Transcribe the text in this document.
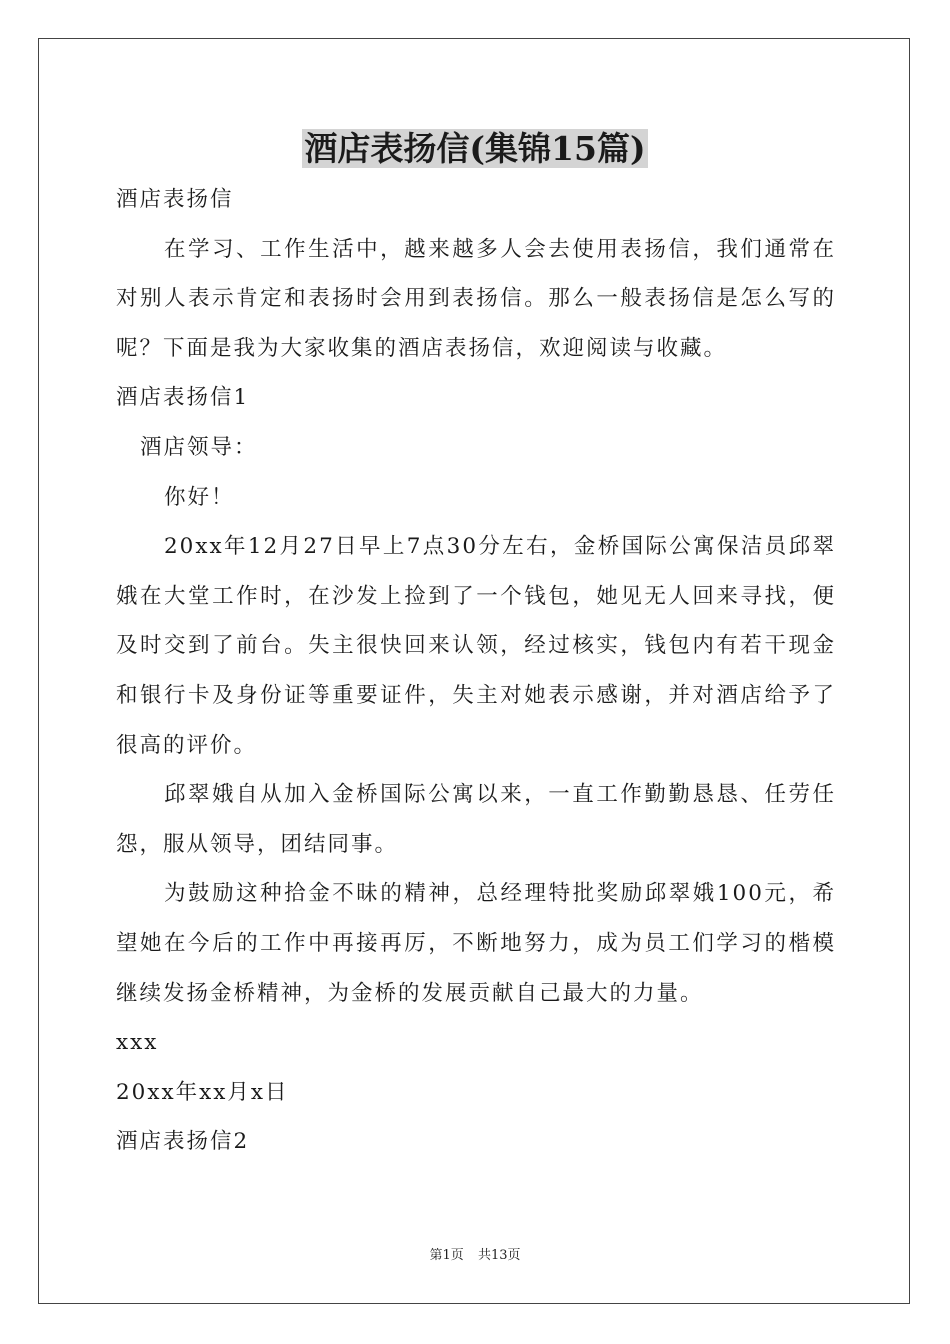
酒店表扬信(集锦15篇)

酒店表扬信

在学习、工作生活中，越来越多人会去使用表扬信，我们通常在对别人表示肯定和表扬时会用到表扬信。那么一般表扬信是怎么写的呢？下面是我为大家收集的酒店表扬信，欢迎阅读与收藏。

酒店表扬信1

酒店领导：

你好！

20xx年12月27日早上7点30分左右，金桥国际公寓保洁员邱翠娥在大堂工作时，在沙发上捡到了一个钱包，她见无人回来寻找，便及时交到了前台。失主很快回来认领，经过核实，钱包内有若干现金和银行卡及身份证等重要证件，失主对她表示感谢，并对酒店给予了很高的评价。

邱翠娥自从加入金桥国际公寓以来，一直工作勤勤恳恳、任劳任怨，服从领导，团结同事。

为鼓励这种拾金不昧的精神，总经理特批奖励邱翠娥100元，希望她在今后的工作中再接再厉，不断地努力，成为员工们学习的楷模继续发扬金桥精神，为金桥的发展贡献自己最大的力量。

xxx

20xx年xx月x日

酒店表扬信2

第1页 共13页
